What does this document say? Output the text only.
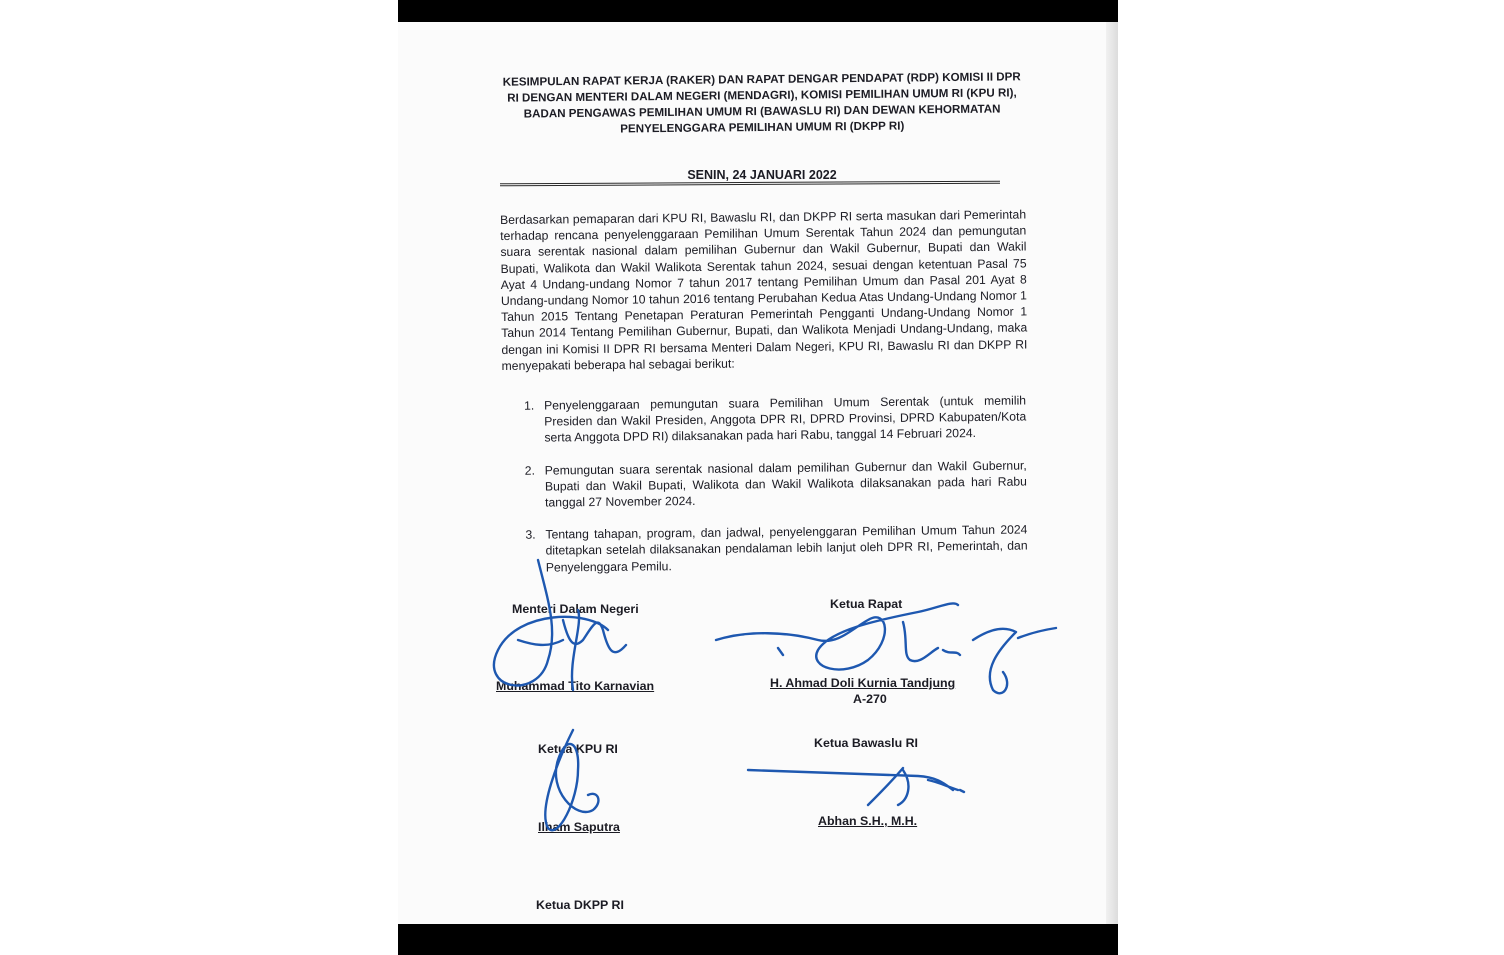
KESIMPULAN RAPAT KERJA (RAKER) DAN RAPAT DENGAR PENDAPAT (RDP) KOMISI II DPR RI DENGAN MENTERI DALAM NEGERI (MENDAGRI), KOMISI PEMILIHAN UMUM RI (KPU RI), BADAN PENGAWAS PEMILIHAN UMUM RI (BAWASLU RI) DAN DEWAN KEHORMATAN PENYELENGGARA PEMILIHAN UMUM RI (DKPP RI)
SENIN, 24 JANUARI 2022
Berdasarkan pemaparan dari KPU RI, Bawaslu RI, dan DKPP RI serta masukan dari Pemerintah terhadap rencana penyelenggaraan Pemilihan Umum Serentak Tahun 2024 dan pemungutan suara serentak nasional dalam pemilihan Gubernur dan Wakil Gubernur, Bupati dan Wakil Bupati, Walikota dan Wakil Walikota Serentak tahun 2024, sesuai dengan ketentuan Pasal 75 Ayat 4 Undang-undang Nomor 7 tahun 2017 tentang Pemilihan Umum dan Pasal 201 Ayat 8 Undang-undang Nomor 10 tahun 2016 tentang Perubahan Kedua Atas Undang-Undang Nomor 1 Tahun 2015 Tentang Penetapan Peraturan Pemerintah Pengganti Undang-Undang Nomor 1 Tahun 2014 Tentang Pemilihan Gubernur, Bupati, dan Walikota Menjadi Undang-Undang, maka dengan ini Komisi II DPR RI bersama Menteri Dalam Negeri, KPU RI, Bawaslu RI dan DKPP RI menyepakati beberapa hal sebagai berikut:
1. Penyelenggaraan pemungutan suara Pemilihan Umum Serentak (untuk memilih Presiden dan Wakil Presiden, Anggota DPR RI, DPRD Provinsi, DPRD Kabupaten/Kota serta Anggota DPD RI) dilaksanakan pada hari Rabu, tanggal 14 Februari 2024.
2. Pemungutan suara serentak nasional dalam pemilihan Gubernur dan Wakil Gubernur, Bupati dan Wakil Bupati, Walikota dan Wakil Walikota dilaksanakan pada hari Rabu tanggal 27 November 2024.
3. Tentang tahapan, program, dan jadwal, penyelenggaran Pemilihan Umum Tahun 2024 ditetapkan setelah dilaksanakan pendalaman lebih lanjut oleh DPR RI, Pemerintah, dan Penyelenggara Pemilu.
Menteri Dalam Negeri
Muhammad Tito Karnavian
Ketua Rapat
H. Ahmad Doli Kurnia Tandjung
A-270
Ketua KPU RI
Ilham Saputra
Ketua Bawaslu RI
Abhan S.H., M.H.
Ketua DKPP RI
